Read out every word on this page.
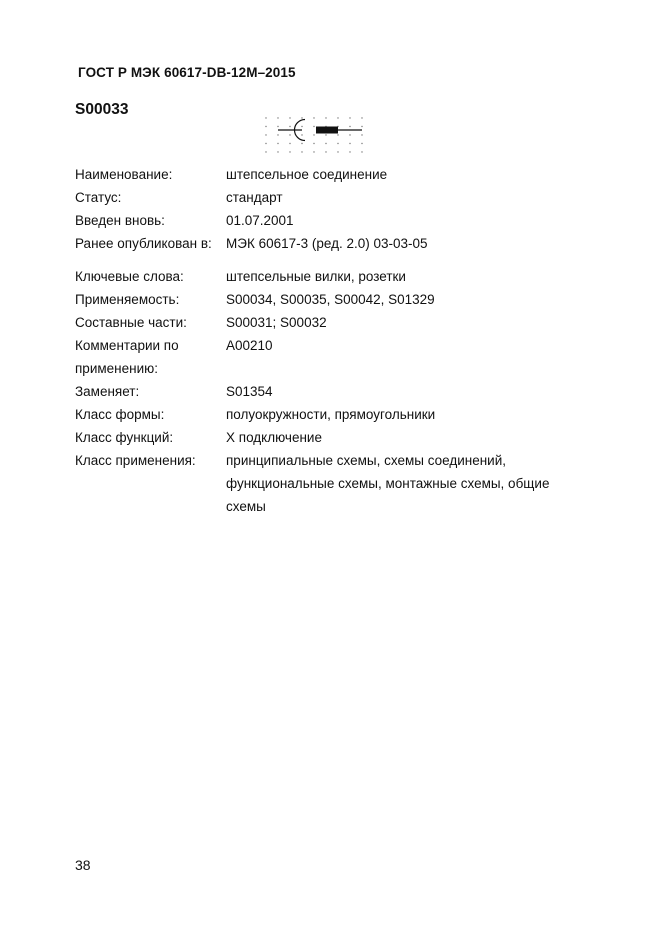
ГОСТ Р МЭК 60617-DB-12M–2015
S00033
Наименование:	штепсельное соединение
Статус:	стандарт
Введен вновь:	01.07.2001
Ранее опубликован в:	МЭК 60617-3 (ред. 2.0) 03-03-05
Ключевые слова:	штепсельные вилки, розетки
Применяемость:	S00034, S00035, S00042, S01329
Составные части:	S00031; S00032
Комментарии по	A00210
применению:
Заменяет:	S01354
Класс формы:	полуокружности, прямоугольники
Класс функций:	X подключение
Класс применения:	принципиальные схемы, схемы соединений,
функциональные схемы, монтажные схемы, общие
схемы
38
